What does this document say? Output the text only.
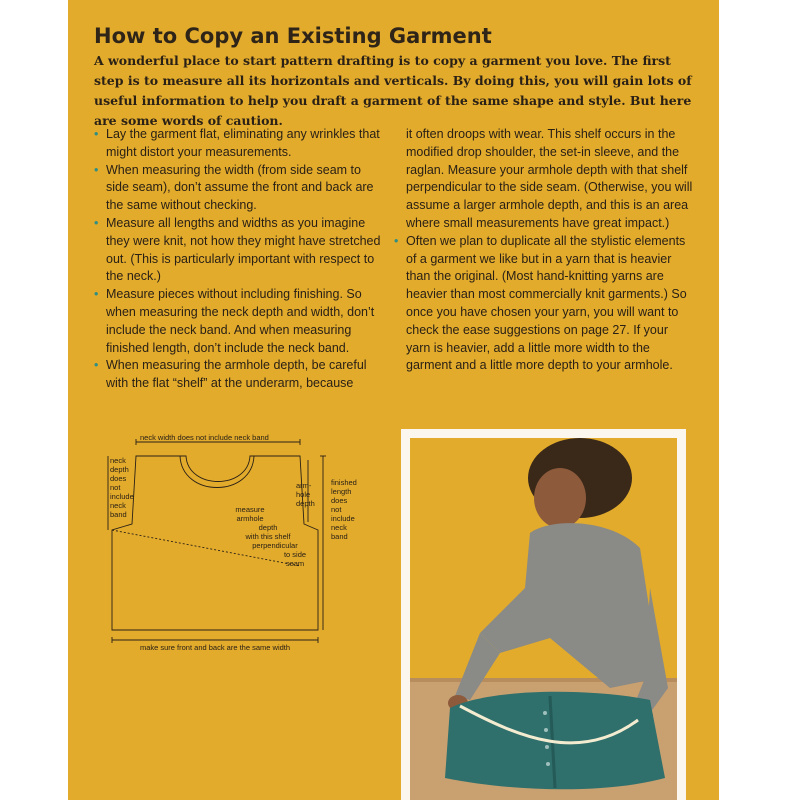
How to Copy an Existing Garment

A wonderful place to start pattern drafting is to copy a garment you love. The first step is to measure all its horizontals and verticals. By doing this, you will gain lots of useful information to help you draft a garment of the same shape and style. But here are some words of caution.

• Lay the garment flat, eliminating any wrinkles that might distort your measurements.
• When measuring the width (from side seam to side seam), don’t assume the front and back are the same without checking.
• Measure all lengths and widths as you imagine they were knit, not how they might have stretched out. (This is particularly important with respect to the neck.)
• Measure pieces without including finishing. So when measuring the neck depth and width, don’t include the neck band. And when measuring finished length, don’t include the neck band.
• When measuring the armhole depth, be careful with the flat “shelf” at the underarm, because
it often droops with wear. This shelf occurs in the modified drop shoulder, the set-in sleeve, and the raglan. Measure your armhole depth with that shelf perpendicular to the side seam. (Otherwise, you will assume a larger armhole depth, and this is an area where small measurements have great impact.)
• Often we plan to duplicate all the stylistic elements of a garment we like but in a yarn that is heavier than the original. (Most hand-knitting yarns are heavier than most commercially knit garments.) So once you have chosen your yarn, you will want to check the ease suggestions on page 27. If your yarn is heavier, add a little more width to the garment and a little more depth to your armhole.
neck width does not include neck band
neck
depth
does
not
include
neck
band
arm-
hole
depth
finished
length
does
not
include
neck
band
measure
armhole
depth
with this shelf
perpendicular
to side
seam
make sure front and back are the same width
